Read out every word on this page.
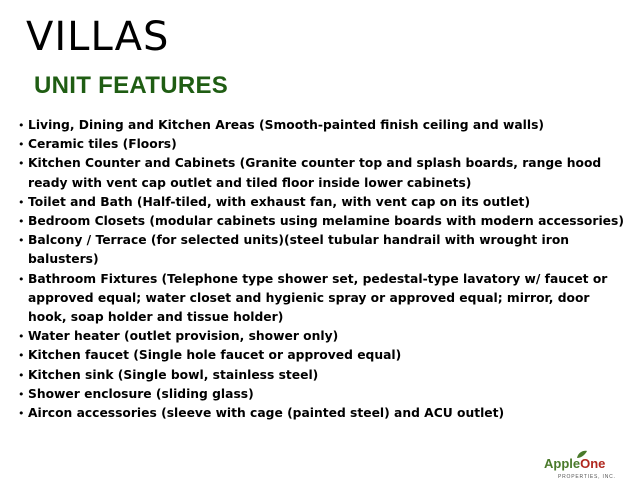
VILLAS
UNIT FEATURES
• Living, Dining and Kitchen Areas (Smooth-painted finish ceiling and walls)
• Ceramic tiles (Floors)
• Kitchen Counter and Cabinets (Granite counter top and splash boards, range hood ready with vent cap outlet and tiled floor inside lower cabinets)
• Toilet and Bath (Half-tiled, with exhaust fan, with vent cap on its outlet)
• Bedroom Closets (modular cabinets using melamine boards with modern accessories)
• Balcony / Terrace (for selected units)(steel tubular handrail with wrought iron balusters)
• Bathroom Fixtures (Telephone type shower set, pedestal-type lavatory w/ faucet or approved equal; water closet and hygienic spray or approved equal; mirror, door hook, soap holder and tissue holder)
• Water heater (outlet provision, shower only)
• Kitchen faucet (Single hole faucet or approved equal)
• Kitchen sink (Single bowl, stainless steel)
• Shower enclosure (sliding glass)
• Aircon accessories (sleeve with cage (painted steel) and ACU outlet)
AppleOne
PROPERTIES, INC.
